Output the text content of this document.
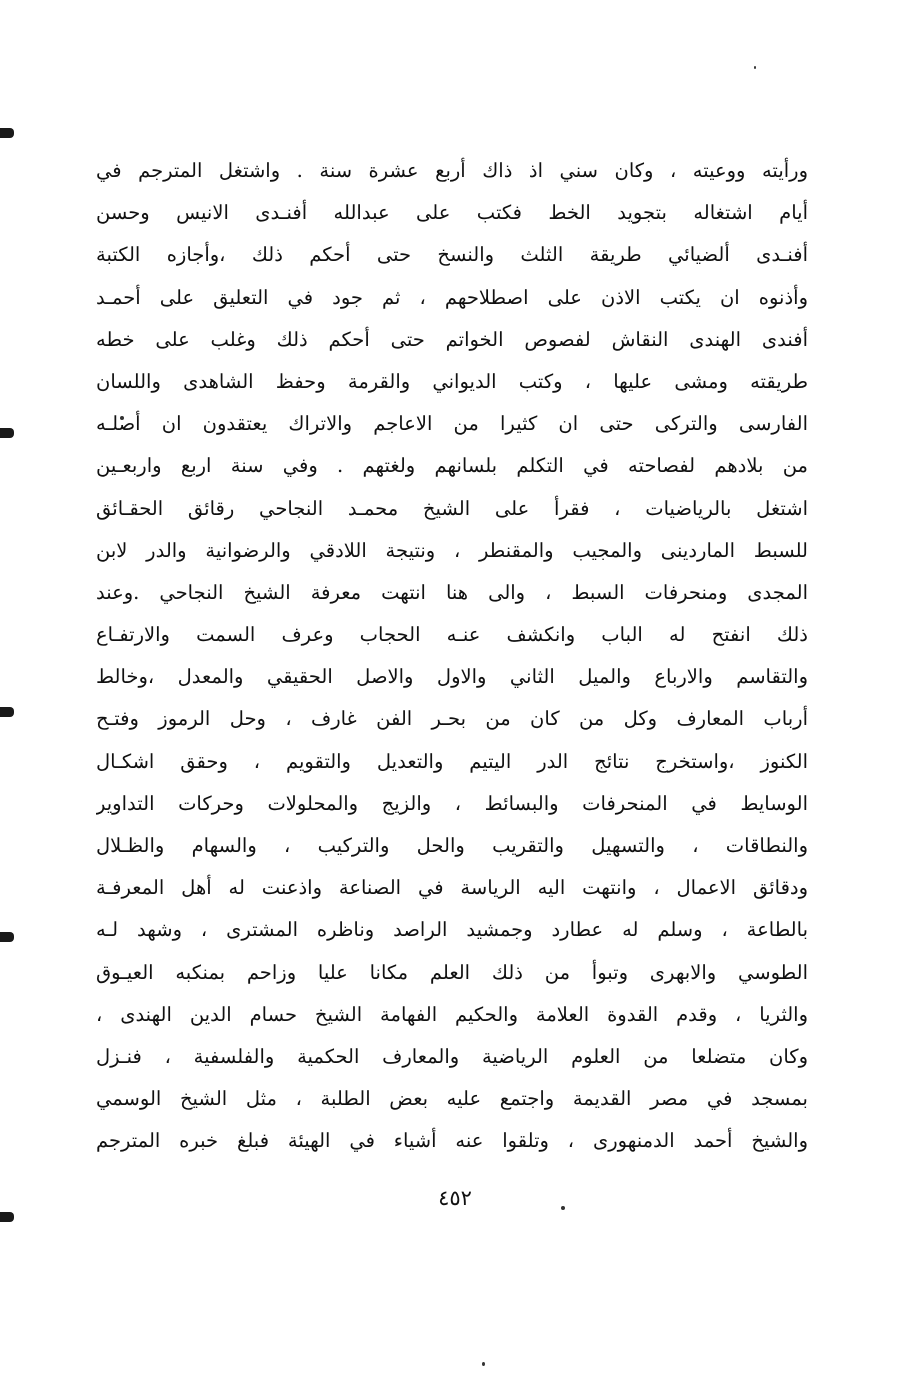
ورأيته ووعيته ، وكان سني اذ ذاك أربع عشرة سنة . واشتغل المترجم في
أيام اشتغاله بتجويد الخط فكتب على عبدالله أفنـدى الانيس وحسن
أفنـدى ألضيائي طريقة الثلث والنسخ حتى أحكم ذلك ،وأجازه الكتبة
وأذنوه ان يكتب الاذن على اصطلاحهم ، ثم جود في التعليق على أحمـد
أفندى الهندى النقاش لفصوص الخواتم حتى أحكم ذلك وغلب على خطه
طريقته ومشى عليها ، وكتب الديواني والقرمة وحفظ الشاهدى واللسان
الفارسى والتركى حتى ان كثيرا من الاعاجم والاتراك يعتقدون ان أصلـه
من بلادهم لفصاحته في التكلم بلسانهم ولغتهم . وفي سنة اربع واربعـين
اشتغل بالرياضيات ، فقرأ على الشيخ محمـد النجاحي رقائق الحقـائق
للسبط الماردينى والمجيب والمقنطر ، ونتيجة اللادقي والرضوانية والدر لابن
المجدى ومنحرفات السبط ، والى هنا انتهت معرفة الشيخ النجاحي .وعند
ذلك انفتح له الباب وانكشف عنـه الحجاب وعرف السمت والارتفـاع
والتقاسم والارباع والميل الثاني والاول والاصل الحقيقي والمعدل ،وخالط
أرباب المعارف وكل من كان من بحـر الفن غارف ، وحل الرموز وفتـح
الكنوز ،واستخرج نتائج الدر اليتيم والتعديل والتقويم ، وحقق اشكـال
الوسايط في المنحرفات والبسائط ، والزيج والمحلولات وحركات التداوير
والنطاقات ، والتسهيل والتقريب والحل والتركيب ، والسهام والظـلال
ودقائق الاعمال ، وانتهت اليه الرياسة في الصناعة واذعنت له أهل المعرفـة
بالطاعة ، وسلم له عطارد وجمشيد الراصد وناظره المشترى ، وشهد لـه
الطوسي والابهرى وتبوأ من ذلك العلم مكانا عليا وزاحم بمنكبه العيـوق
والثريا ، وقدم القدوة العلامة والحكيم الفهامة الشيخ حسام الدين الهندى ،
وكان متضلعا من العلوم الرياضية والمعارف الحكمية والفلسفية ، فنـزل
بمسجد في مصر القديمة واجتمع عليه بعض الطلبة ، مثل الشيخ الوسمي
والشيخ أحمد الدمنهورى ، وتلقوا عنه أشياء في الهيئة فبلغ خبره المترجم
٤٥٢
